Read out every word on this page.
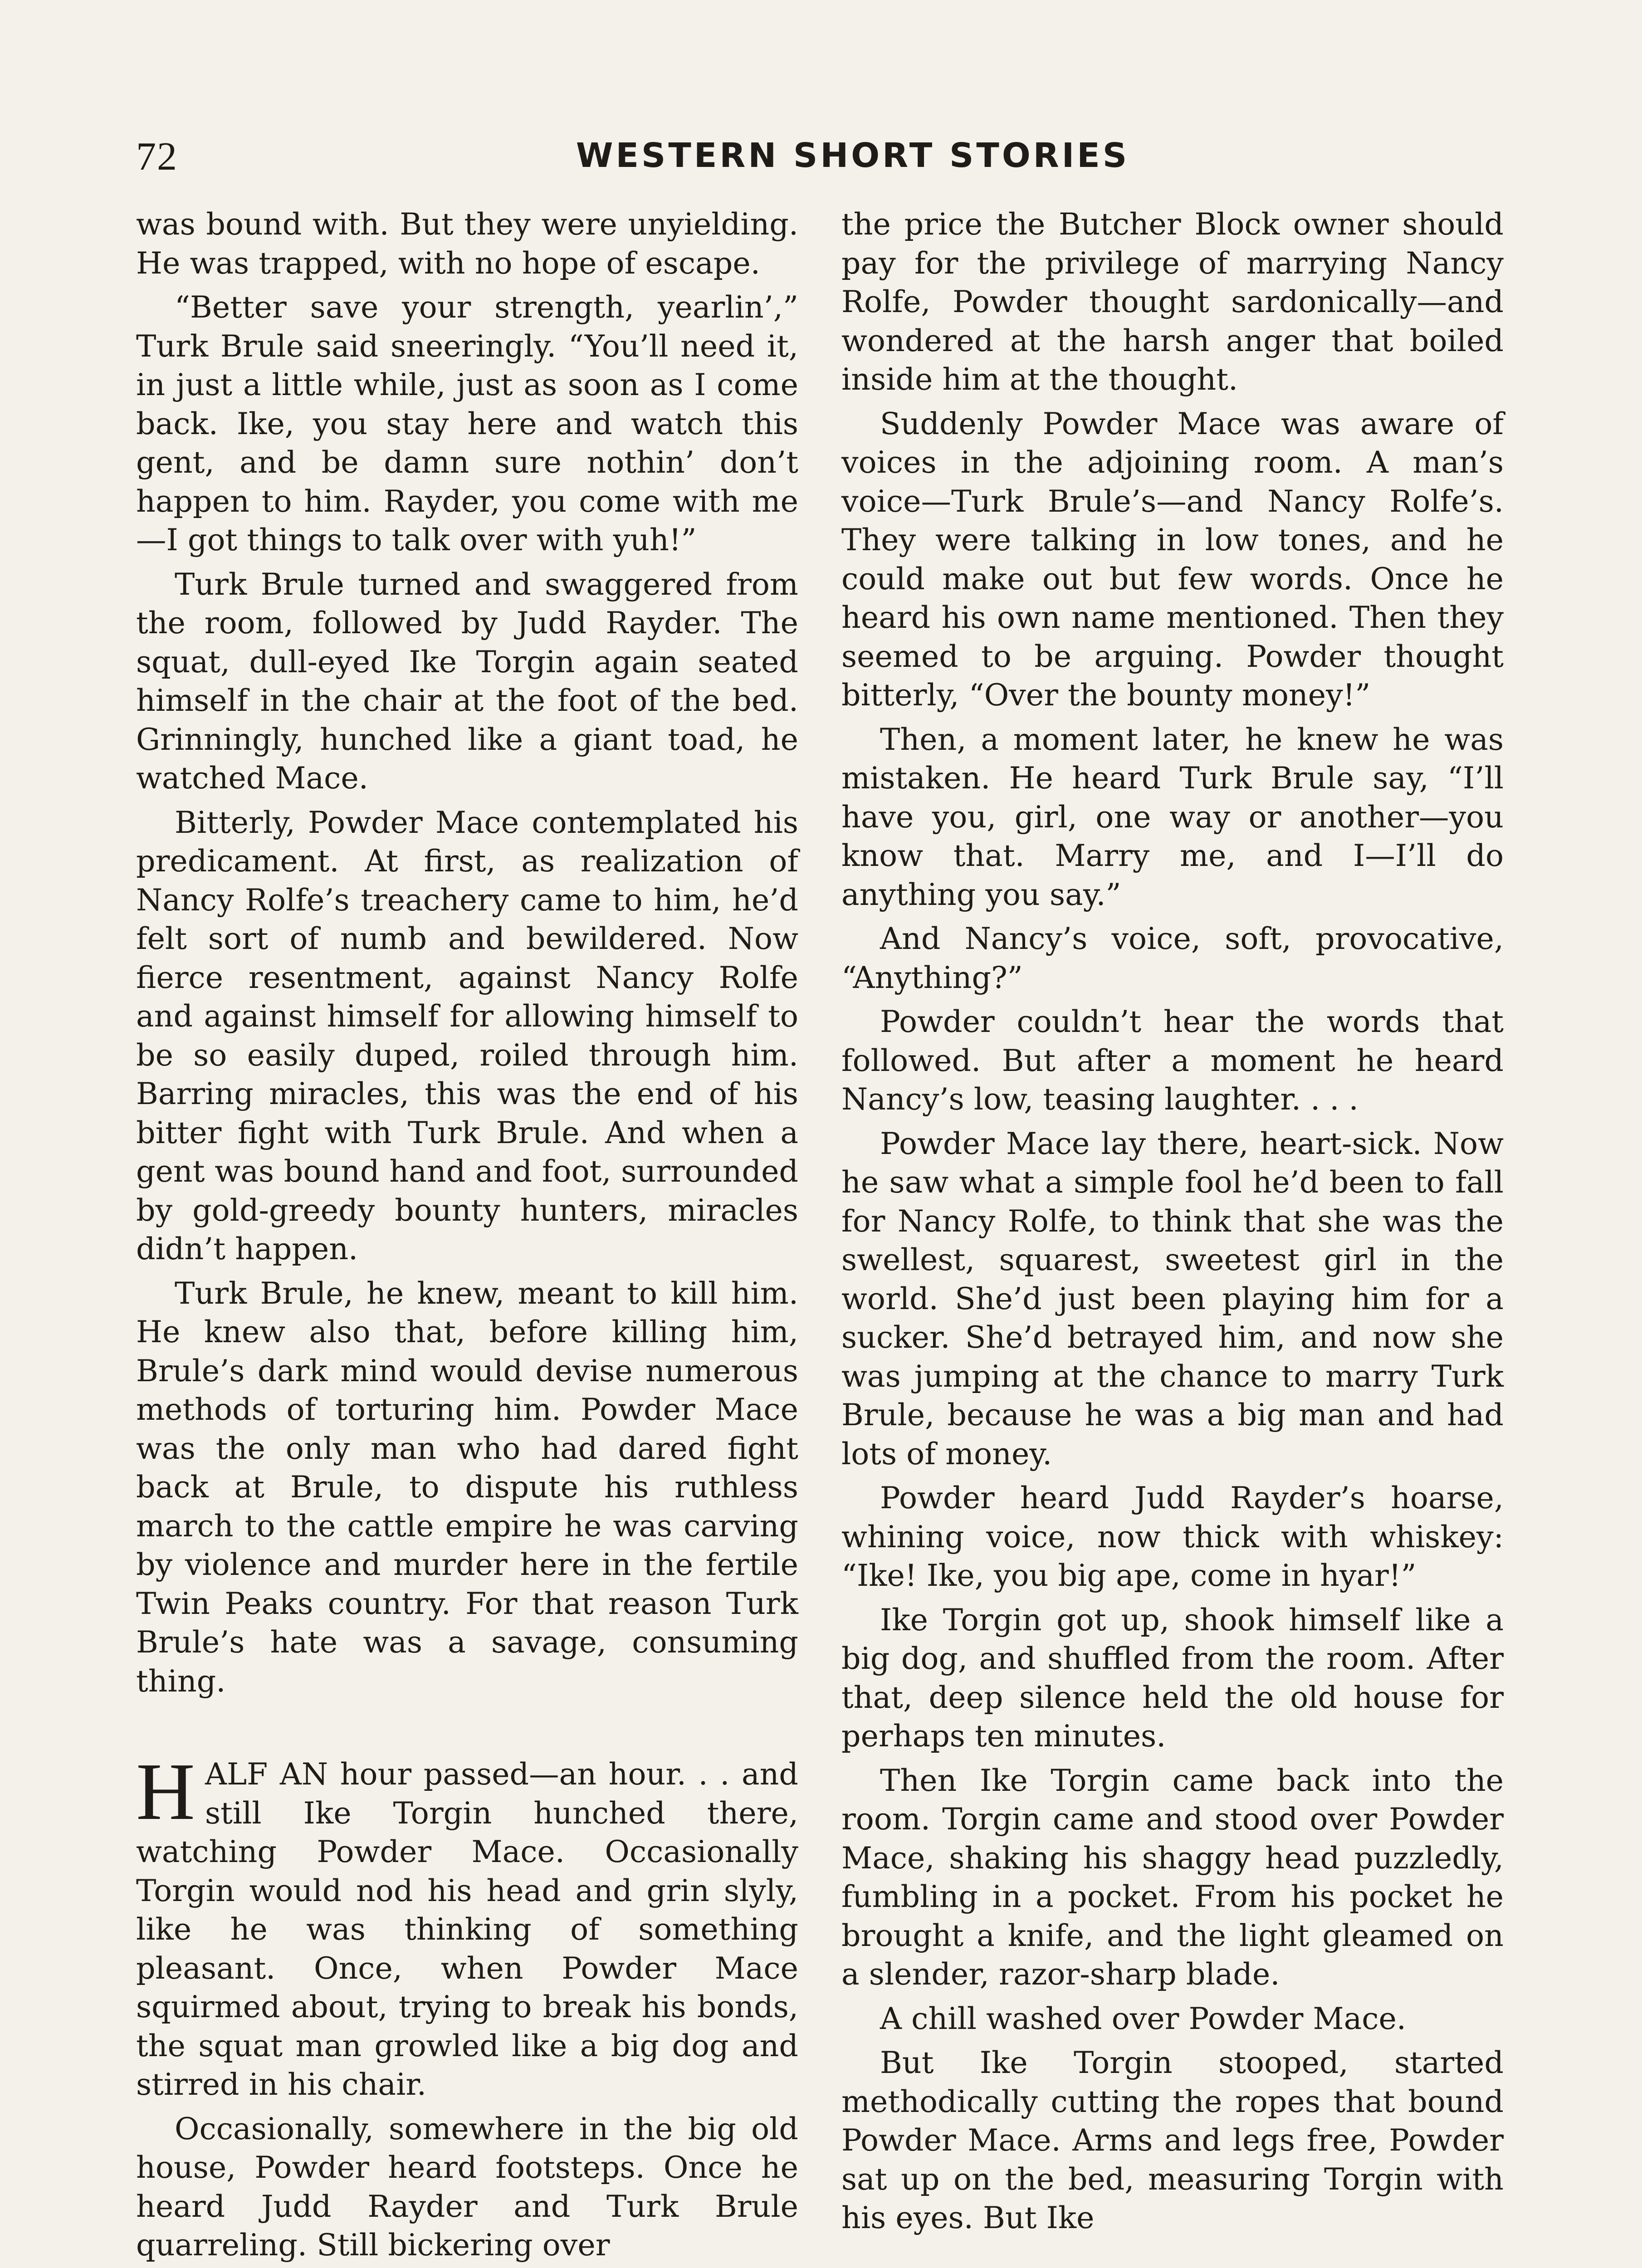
72	WESTERN SHORT STORIES

was bound with. But they were unyielding. He was trapped, with no hope of escape.

“Better save your strength, yearlin’,” Turk Brule said sneeringly. “You’ll need it, in just a little while, just as soon as I come back. Ike, you stay here and watch this gent, and be damn sure nothin’ don’t happen to him. Rayder, you come with me—I got things to talk over with yuh!”

Turk Brule turned and swaggered from the room, followed by Judd Rayder. The squat, dull-eyed Ike Torgin again seated himself in the chair at the foot of the bed. Grinningly, hunched like a giant toad, he watched Mace.

Bitterly, Powder Mace contemplated his predicament. At first, as realization of Nancy Rolfe’s treachery came to him, he’d felt sort of numb and bewildered. Now fierce resentment, against Nancy Rolfe and against himself for allowing himself to be so easily duped, roiled through him. Barring miracles, this was the end of his bitter fight with Turk Brule. And when a gent was bound hand and foot, surrounded by gold-greedy bounty hunters, miracles didn’t happen.

Turk Brule, he knew, meant to kill him. He knew also that, before killing him, Brule’s dark mind would devise numerous methods of torturing him. Powder Mace was the only man who had dared fight back at Brule, to dispute his ruthless march to the cattle empire he was carving by violence and murder here in the fertile Twin Peaks country. For that reason Turk Brule’s hate was a savage, consuming thing.

HALF AN hour passed—an hour. . . and still Ike Torgin hunched there, watching Powder Mace. Occasionally Torgin would nod his head and grin slyly, like he was thinking of something pleasant. Once, when Powder Mace squirmed about, trying to break his bonds, the squat man growled like a big dog and stirred in his chair.

Occasionally, somewhere in the big old house, Powder heard footsteps. Once he heard Judd Rayder and Turk Brule quarreling. Still bickering over

the price the Butcher Block owner should pay for the privilege of marrying Nancy Rolfe, Powder thought sardonically—and wondered at the harsh anger that boiled inside him at the thought.

Suddenly Powder Mace was aware of voices in the adjoining room. A man’s voice—Turk Brule’s—and Nancy Rolfe’s. They were talking in low tones, and he could make out but few words. Once he heard his own name mentioned. Then they seemed to be arguing. Powder thought bitterly, “Over the bounty money!”

Then, a moment later, he knew he was mistaken. He heard Turk Brule say, “I’ll have you, girl, one way or another—you know that. Marry me, and I—I’ll do anything you say.”

And Nancy’s voice, soft, provocative, “Anything?”

Powder couldn’t hear the words that followed. But after a moment he heard Nancy’s low, teasing laughter. . . .

Powder Mace lay there, heart-sick. Now he saw what a simple fool he’d been to fall for Nancy Rolfe, to think that she was the swellest, squarest, sweetest girl in the world. She’d just been playing him for a sucker. She’d betrayed him, and now she was jumping at the chance to marry Turk Brule, because he was a big man and had lots of money.

Powder heard Judd Rayder’s hoarse, whining voice, now thick with whiskey: “Ike! Ike, you big ape, come in hyar!”

Ike Torgin got up, shook himself like a big dog, and shuffled from the room. After that, deep silence held the old house for perhaps ten minutes.

Then Ike Torgin came back into the room. Torgin came and stood over Powder Mace, shaking his shaggy head puzzledly, fumbling in a pocket. From his pocket he brought a knife, and the light gleamed on a slender, razor-sharp blade.

A chill washed over Powder Mace.

But Ike Torgin stooped, started methodically cutting the ropes that bound Powder Mace. Arms and legs free, Powder sat up on the bed, measuring Torgin with his eyes. But Ike
